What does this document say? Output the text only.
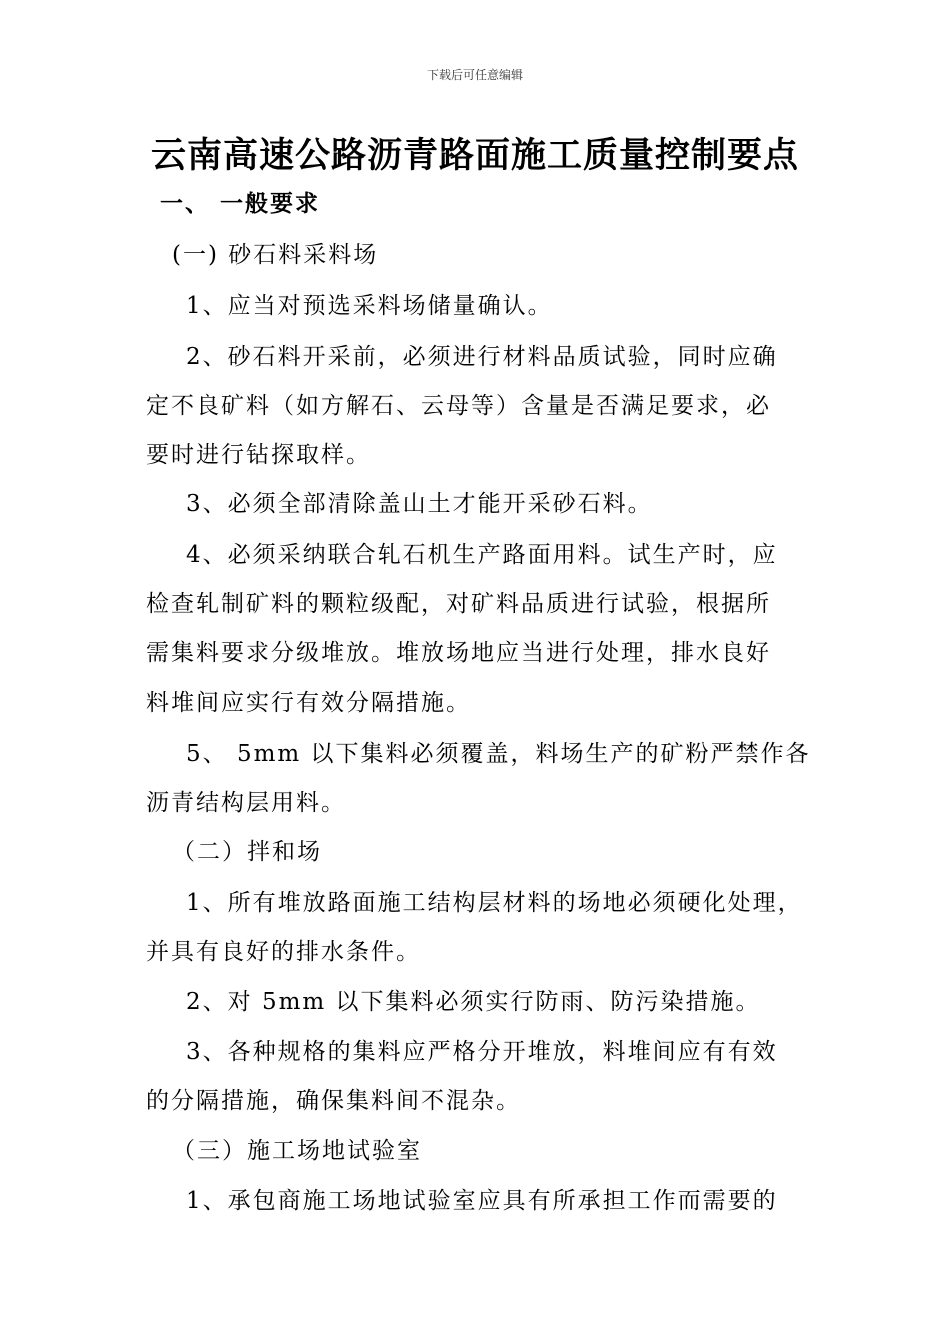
下载后可任意编辑
云南高速公路沥青路面施工质量控制要点
一、 一般要求
(一) 砂石料采料场
1、应当对预选采料场储量确认。
2、砂石料开采前，必须进行材料品质试验，同时应确
定不良矿料（如方解石、云母等）含量是否满足要求，必
要时进行钻探取样。
3、必须全部清除盖山土才能开采砂石料。
4、必须采纳联合轧石机生产路面用料。试生产时，应
检查轧制矿料的颗粒级配，对矿料品质进行试验，根据所
需集料要求分级堆放。堆放场地应当进行处理，排水良好
料堆间应实行有效分隔措施。
5、 5mm 以下集料必须覆盖，料场生产的矿粉严禁作各
沥青结构层用料。
（二）拌和场
1、所有堆放路面施工结构层材料的场地必须硬化处理，
并具有良好的排水条件。
2、对 5mm 以下集料必须实行防雨、防污染措施。
3、各种规格的集料应严格分开堆放，料堆间应有有效
的分隔措施，确保集料间不混杂。
（三）施工场地试验室
1、承包商施工场地试验室应具有所承担工作而需要的
